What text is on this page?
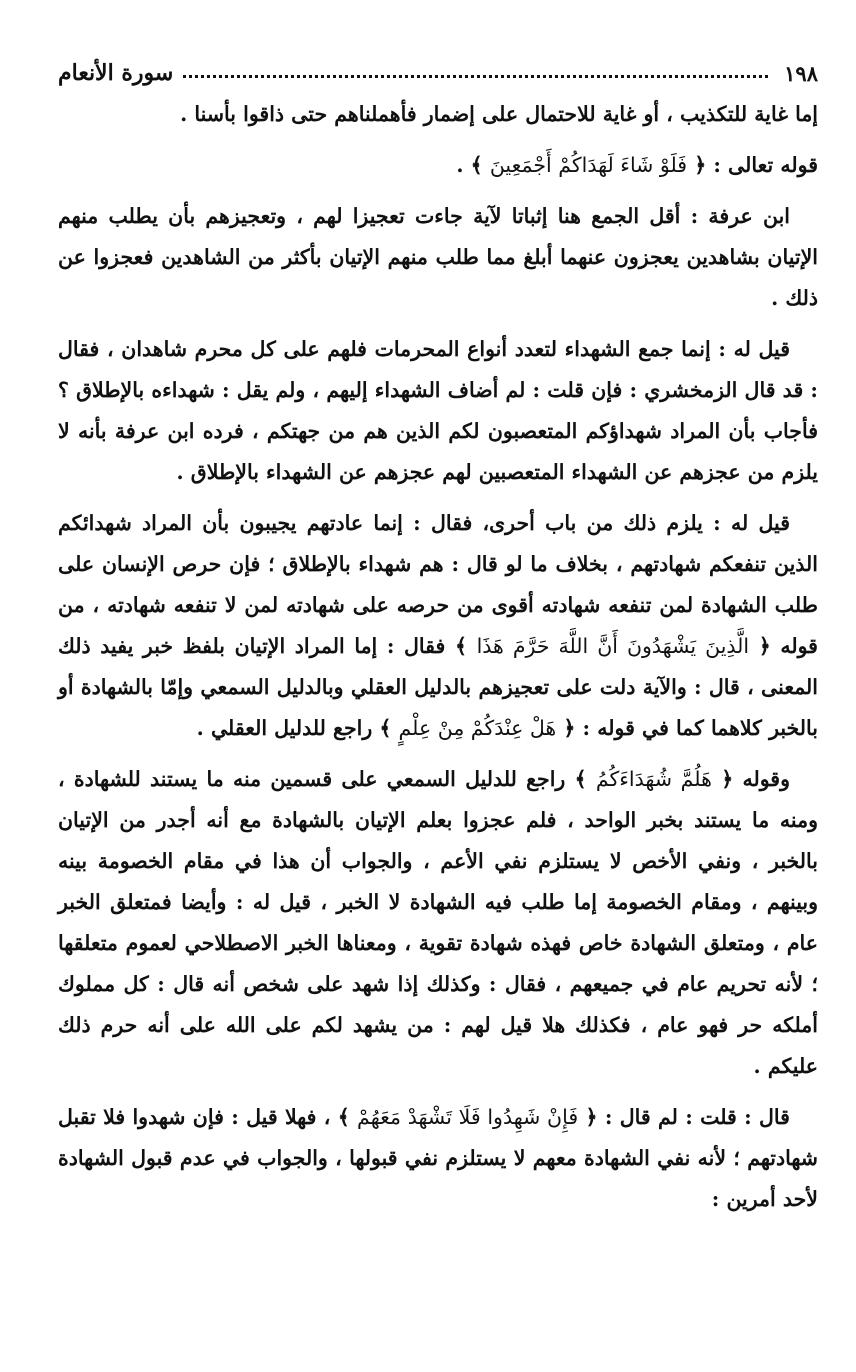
١٩٨
سورة الأنعام

إما غاية للتكذيب ، أو غاية للاحتمال على إضمار فأهملناهم حتى ذاقوا بأسنا .

قوله تعالى : ﴿ فَلَوْ شَاءَ لَهَدَاكُمْ أَجْمَعِينَ ﴾ .

ابن عرفة : أقل الجمع هنا إثباتا لآية جاءت تعجيزا لهم ، وتعجيزهم بأن يطلب منهم الإتيان بشاهدين يعجزون عنهما أبلغ مما طلب منهم الإتيان بأكثر من الشاهدين فعجزوا عن ذلك .

قيل له : إنما جمع الشهداء لتعدد أنواع المحرمات فلهم على كل محرم شاهدان ، فقال : قد قال الزمخشري : فإن قلت : لم أضاف الشهداء إليهم ، ولم يقل : شهداءه بالإطلاق ؟ فأجاب بأن المراد شهداؤكم المتعصبون لكم الذين هم من جهتكم ، فرده ابن عرفة بأنه لا يلزم من عجزهم عن الشهداء المتعصبين لهم عجزهم عن الشهداء بالإطلاق .

قيل له : يلزم ذلك من باب أحرى، فقال : إنما عادتهم يجيبون بأن المراد شهدائكم الذين تنفعكم شهادتهم ، بخلاف ما لو قال : هم شهداء بالإطلاق ؛ فإن حرص الإنسان على طلب الشهادة لمن تنفعه شهادته أقوى من حرصه على شهادته لمن لا تنفعه شهادته ، من قوله ﴿ الَّذِينَ يَشْهَدُونَ أَنَّ اللَّهَ حَرَّمَ هَذَا ﴾ فقال : إما المراد الإتيان بلفظ خبر يفيد ذلك المعنى ، قال : والآية دلت على تعجيزهم بالدليل العقلي وبالدليل السمعي وإمّا بالشهادة أو بالخبر كلاهما كما في قوله : ﴿ هَلْ عِنْدَكُمْ مِنْ عِلْمٍ ﴾ راجع للدليل العقلي .

وقوله ﴿ هَلُمَّ شُهَدَاءَكُمُ ﴾ راجع للدليل السمعي على قسمين منه ما يستند للشهادة ، ومنه ما يستند بخبر الواحد ، فلم عجزوا بعلم الإتيان بالشهادة مع أنه أجدر من الإتيان بالخبر ، ونفي الأخص لا يستلزم نفي الأعم ، والجواب أن هذا في مقام الخصومة بينه وبينهم ، ومقام الخصومة إما طلب فيه الشهادة لا الخبر ، قيل له : وأيضا فمتعلق الخبر عام ، ومتعلق الشهادة خاص فهذه شهادة تقوية ، ومعناها الخبر الاصطلاحي لعموم متعلقها ؛ لأنه تحريم عام في جميعهم ، فقال : وكذلك إذا شهد على شخص أنه قال : كل مملوك أملكه حر فهو عام ، فكذلك هلا قيل لهم : من يشهد لكم على الله على أنه حرم ذلك عليكم .

قال : قلت : لم قال : ﴿ فَإِنْ شَهِدُوا فَلَا تَشْهَدْ مَعَهُمْ ﴾ ، فهلا قيل : فإن شهدوا فلا تقبل شهادتهم ؛ لأنه نفي الشهادة معهم لا يستلزم نفي قبولها ، والجواب في عدم قبول الشهادة لأحد أمرين :
